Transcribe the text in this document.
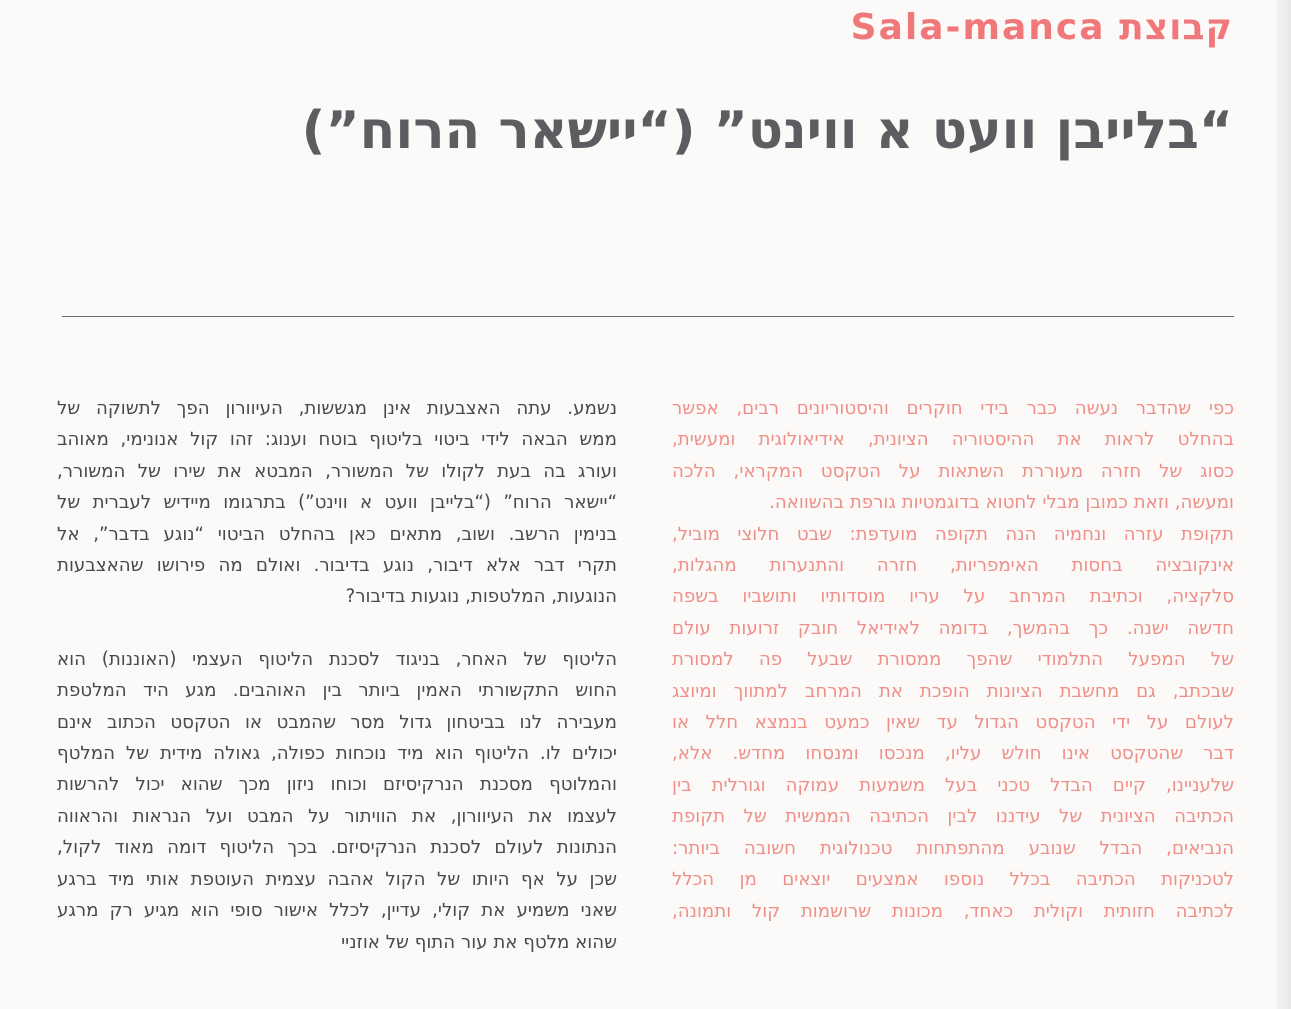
קבוצת Sala-manca
“בלייבן וועט א ווינט” (“יישאר הרוח”)

כפי שהדבר נעשה כבר בידי חוקרים והיסטוריונים רבים, אפשר
בהחלט לראות את ההיסטוריה הציונית, אידיאולוגית ומעשית,
כסוג של חזרה מעוררת השתאות על הטקסט המקראי, הלכה
ומעשה, וזאת כמובן מבלי לחטוא בדוגמטיות גורפת בהשוואה.
תקופת עזרה ונחמיה הנה תקופה מועדפת: שבט חלוצי מוביל,
אינקובציה בחסות האימפריות, חזרה והתנערות מהגלות,
סלקציה, וכתיבת המרחב על עריו מוסדותיו ותושביו בשפה
חדשה ישנה. כך בהמשך, בדומה לאידיאל חובק זרועות עולם
של המפעל התלמודי שהפך ממסורת שבעל פה למסורת
שבכתב, גם מחשבת הציונות הופכת את המרחב למתווך ומיוצג
לעולם על ידי הטקסט הגדול עד שאין כמעט בנמצא חלל או
דבר שהטקסט אינו חולש עליו, מנכסו ומנסחו מחדש. אלא,
שלעניינו, קיים הבדל טכני בעל משמעות עמוקה וגורלית בין
הכתיבה הציונית של עידננו לבין הכתיבה הממשית של תקופת
הנביאים, הבדל שנובע מהתפתחות טכנולוגית חשובה ביותר:
לטכניקות הכתיבה בכלל נוספו אמצעים יוצאים מן הכלל
לכתיבה חזותית וקולית כאחד, מכונות שרושמות קול ותמונה,

נשמע. עתה האצבעות אינן מגששות, העיוורון הפך לתשוקה של
ממש הבאה לידי ביטוי בליטוף בוטח וענוג: זהו קול אנונימי, מאוהב
ועורג בה בעת לקולו של המשורר, המבטא את שירו של המשורר,
“יישאר הרוח” (“בלייבן וועט א ווינט”) בתרגומו מיידיש לעברית של
בנימין הרשב. ושוב, מתאים כאן בהחלט הביטוי “נוגע בדבר”, אל
תקרי דבר אלא דיבור, נוגע בדיבור. ואולם מה פירושו שהאצבעות
הנוגעות, המלטפות, נוגעות בדיבור?

הליטוף של האחר, בניגוד לסכנת הליטוף העצמי (האוננות) הוא
החוש התקשורתי האמין ביותר בין האוהבים. מגע היד המלטפת
מעבירה לנו בביטחון גדול מסר שהמבט או הטקסט הכתוב אינם
יכולים לו. הליטוף הוא מיד נוכחות כפולה, גאולה מידית של המלטף
והמלוטף מסכנת הנרקיסיזם וכוחו ניזון מכך שהוא יכול להרשות
לעצמו את העיוורון, את הוויתור על המבט ועל הנראות והראווה
הנתונות לעולם לסכנת הנרקיסיזם. בכך הליטוף דומה מאוד לקול,
שכן על אף היותו של הקול אהבה עצמית העוטפת אותי מיד ברגע
שאני משמיע את קולי, עדיין, לכלל אישור סופי הוא מגיע רק מרגע
שהוא מלטף את עור התוף של אוזניי
